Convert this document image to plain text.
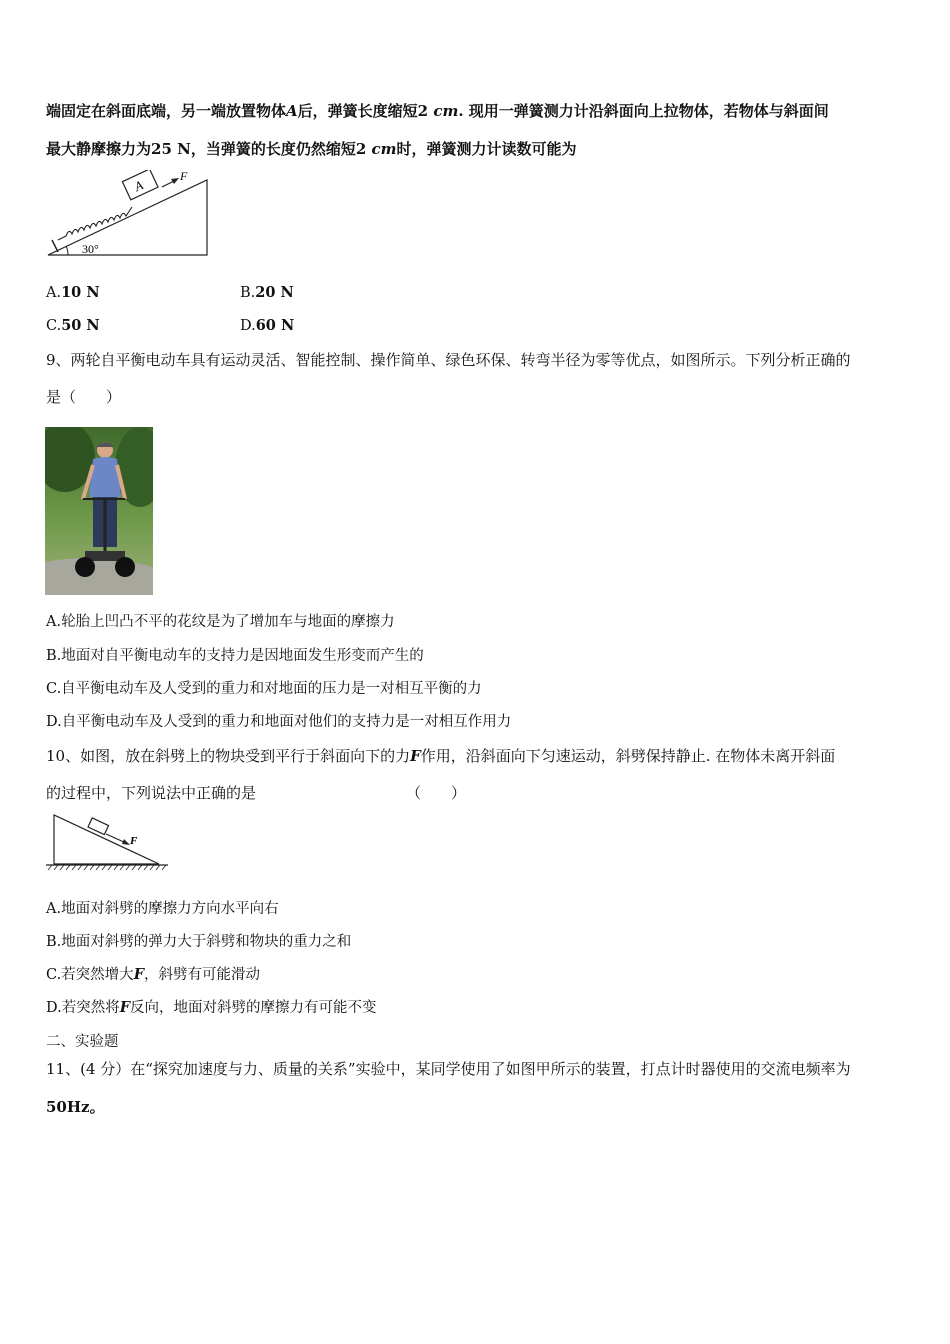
端固定在斜面底端，另一端放置物体A后，弹簧长度缩短2 cm. 现用一弹簧测力计沿斜面向上拉物体，若物体与斜面间
最大静摩擦力为25 N，当弹簧的长度仍然缩短2 cm时，弹簧测力计读数可能为
A
F
30°
A.10 N	B.20 N
C.50 N	D.60 N
9、两轮自平衡电动车具有运动灵活、智能控制、操作简单、绿色环保、转弯半径为零等优点，如图所示。下列分析正确的
是（　　）
A.轮胎上凹凸不平的花纹是为了增加车与地面的摩擦力
B.地面对自平衡电动车的支持力是因地面发生形变而产生的
C.自平衡电动车及人受到的重力和对地面的压力是一对相互平衡的力
D.自平衡电动车及人受到的重力和地面对他们的支持力是一对相互作用力
10、如图，放在斜劈上的物块受到平行于斜面向下的力F作用，沿斜面向下匀速运动，斜劈保持静止. 在物体未离开斜面
的过程中，下列说法中正确的是	（　　）
F
A.地面对斜劈的摩擦力方向水平向右
B.地面对斜劈的弹力大于斜劈和物块的重力之和
C.若突然增大F，斜劈有可能滑动
D.若突然将F反向，地面对斜劈的摩擦力有可能不变
二、实验题
11、(4 分）在“探究加速度与力、质量的关系”实验中，某同学使用了如图甲所示的装置，打点计时器使用的交流电频率为
50Hz。
